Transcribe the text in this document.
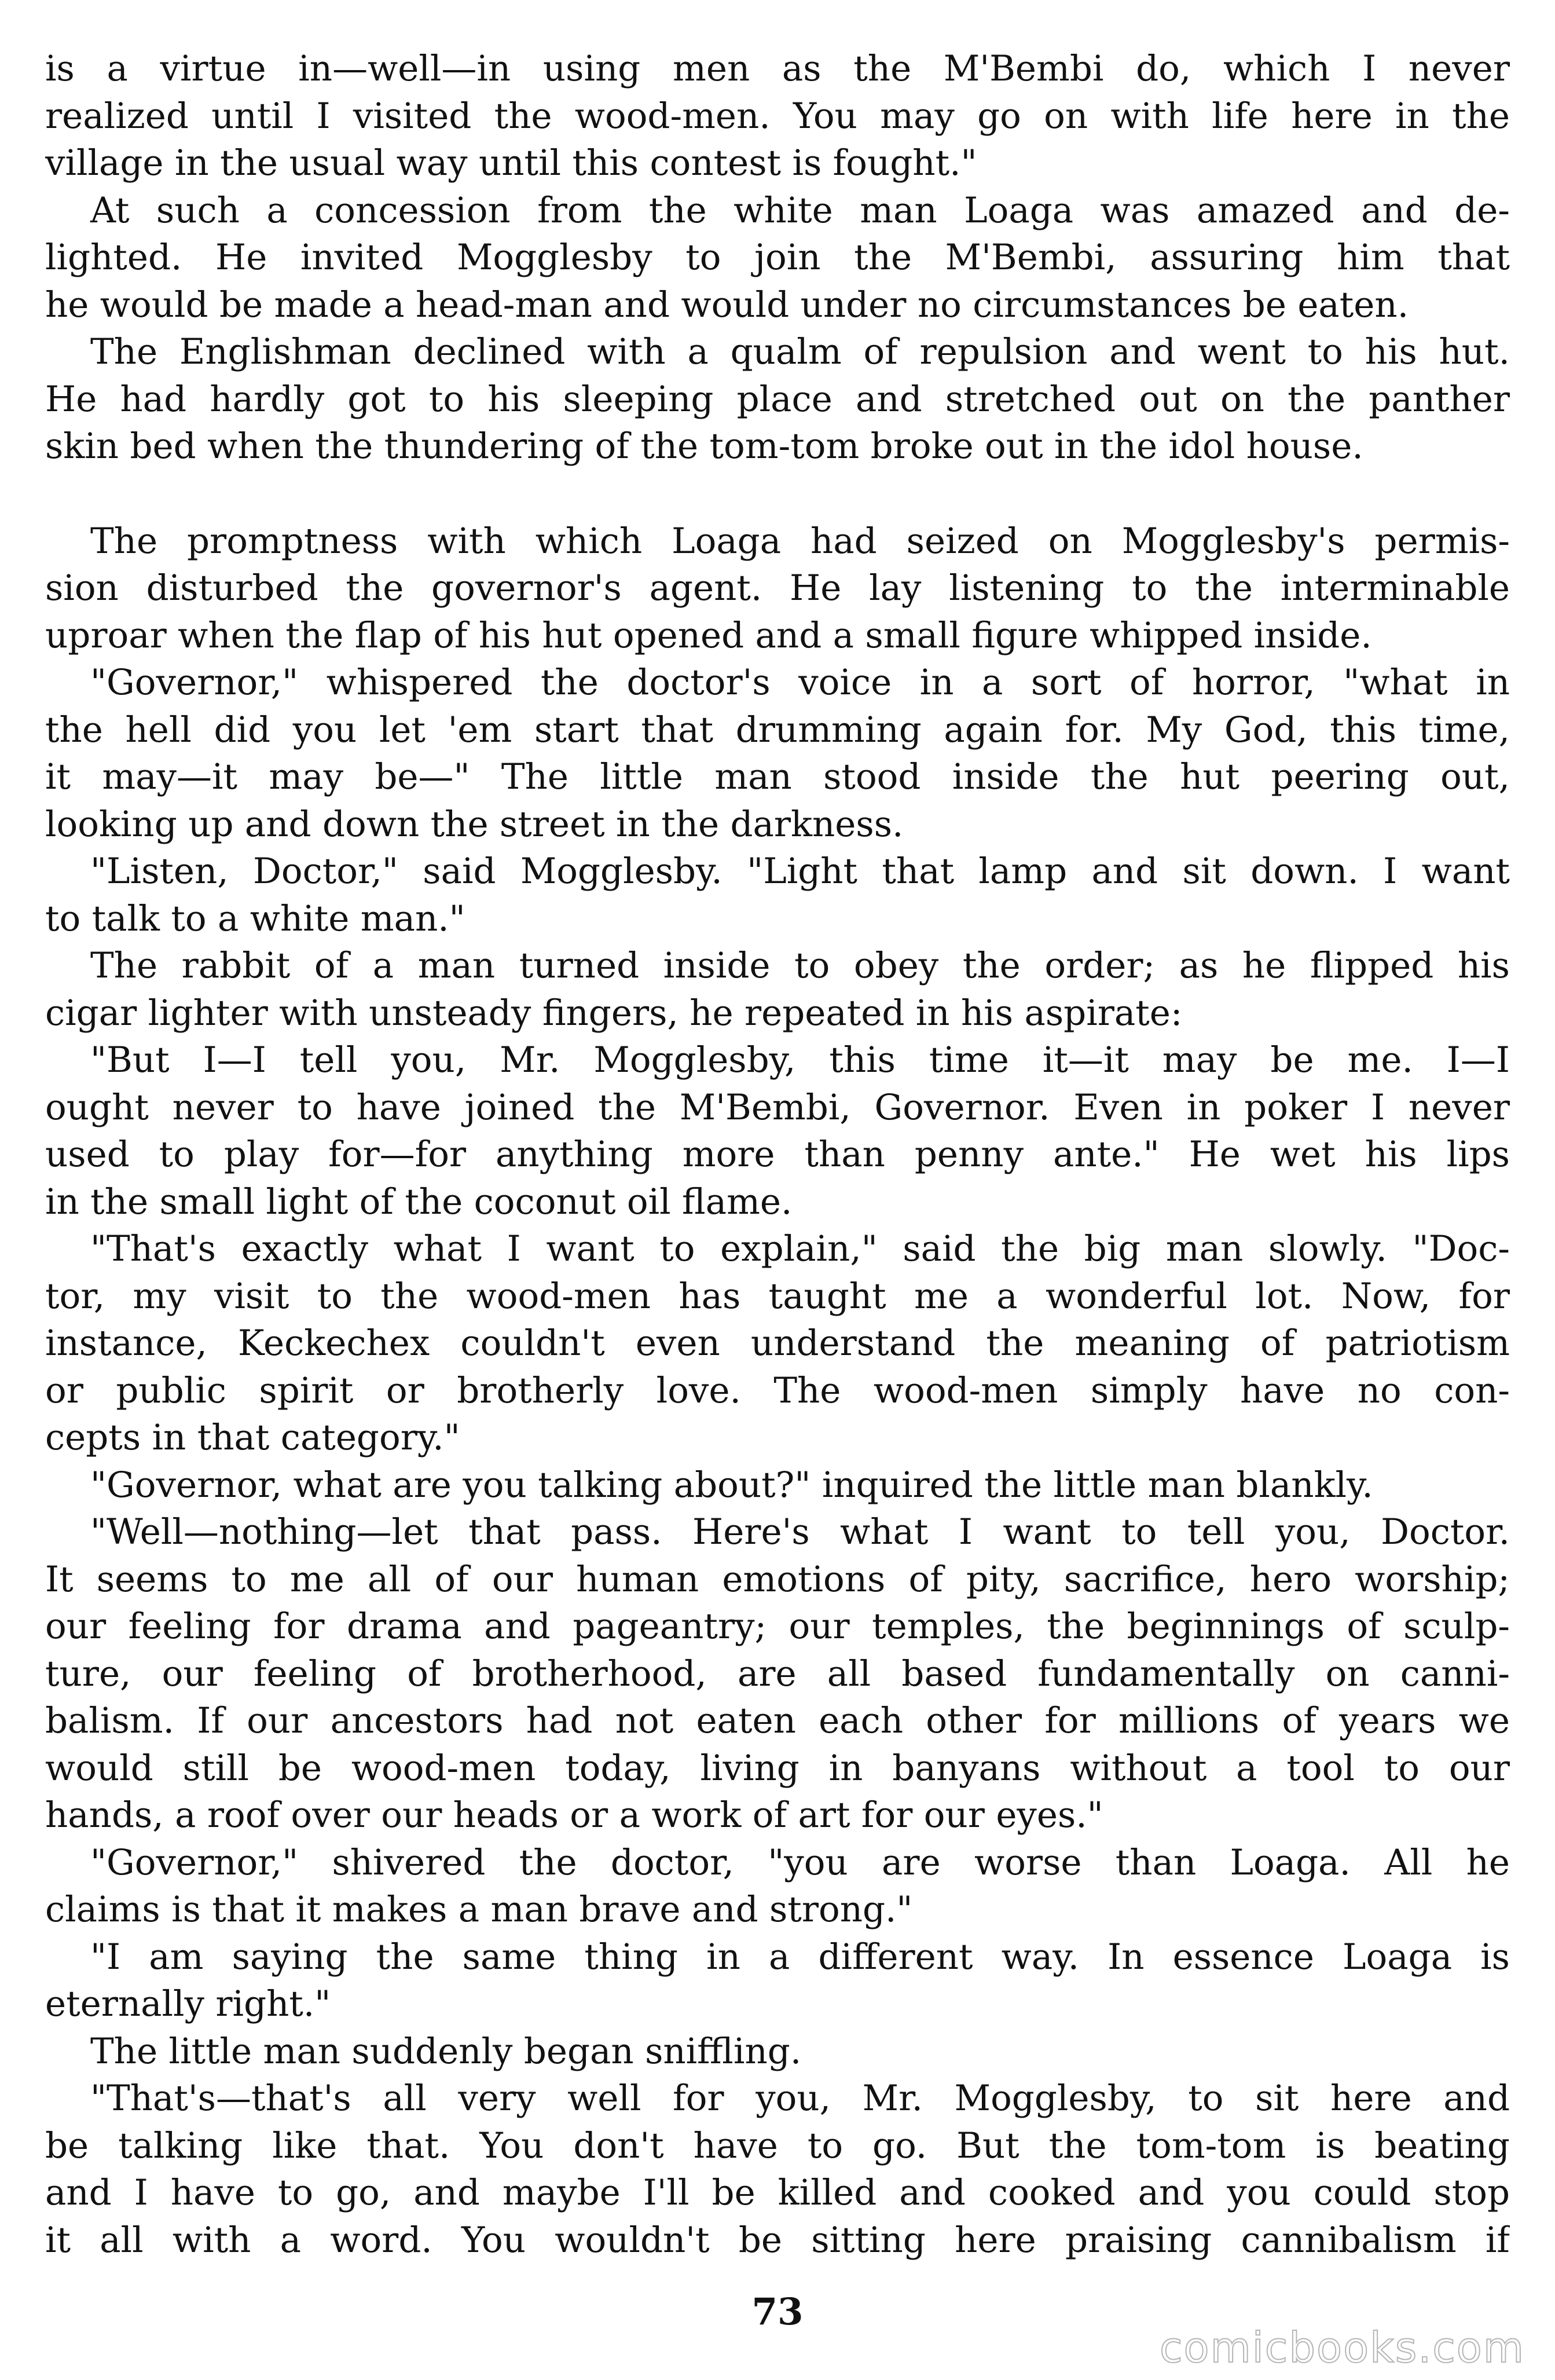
is a virtue in—well—in using men as the M'Bembi do, which I never
realized until I visited the wood-men. You may go on with life here in the
village in the usual way until this contest is fought."
At such a concession from the white man Loaga was amazed and de-
lighted. He invited Mogglesby to join the M'Bembi, assuring him that
he would be made a head-man and would under no circumstances be eaten.
The Englishman declined with a qualm of repulsion and went to his hut.
He had hardly got to his sleeping place and stretched out on the panther
skin bed when the thundering of the tom-tom broke out in the idol house.
The promptness with which Loaga had seized on Mogglesby's permis-
sion disturbed the governor's agent. He lay listening to the interminable
uproar when the flap of his hut opened and a small figure whipped inside.
"Governor," whispered the doctor's voice in a sort of horror, "what in
the hell did you let 'em start that drumming again for. My God, this time,
it may—it may be—" The little man stood inside the hut peering out,
looking up and down the street in the darkness.
"Listen, Doctor," said Mogglesby. "Light that lamp and sit down. I want
to talk to a white man."
The rabbit of a man turned inside to obey the order; as he flipped his
cigar lighter with unsteady fingers, he repeated in his aspirate:
"But I—I tell you, Mr. Mogglesby, this time it—it may be me. I—I
ought never to have joined the M'Bembi, Governor. Even in poker I never
used to play for—for anything more than penny ante." He wet his lips
in the small light of the coconut oil flame.
"That's exactly what I want to explain," said the big man slowly. "Doc-
tor, my visit to the wood-men has taught me a wonderful lot. Now, for
instance, Keckechex couldn't even understand the meaning of patriotism
or public spirit or brotherly love. The wood-men simply have no con-
cepts in that category."
"Governor, what are you talking about?" inquired the little man blankly.
"Well—nothing—let that pass. Here's what I want to tell you, Doctor.
It seems to me all of our human emotions of pity, sacrifice, hero worship;
our feeling for drama and pageantry; our temples, the beginnings of sculp-
ture, our feeling of brotherhood, are all based fundamentally on canni-
balism. If our ancestors had not eaten each other for millions of years we
would still be wood-men today, living in banyans without a tool to our
hands, a roof over our heads or a work of art for our eyes."
"Governor," shivered the doctor, "you are worse than Loaga. All he
claims is that it makes a man brave and strong."
"I am saying the same thing in a different way. In essence Loaga is
eternally right."
The little man suddenly began sniffling.
"That's—that's all very well for you, Mr. Mogglesby, to sit here and
be talking like that. You don't have to go. But the tom-tom is beating
and I have to go, and maybe I'll be killed and cooked and you could stop
it all with a word. You wouldn't be sitting here praising cannibalism if
73
comicbooks.com
